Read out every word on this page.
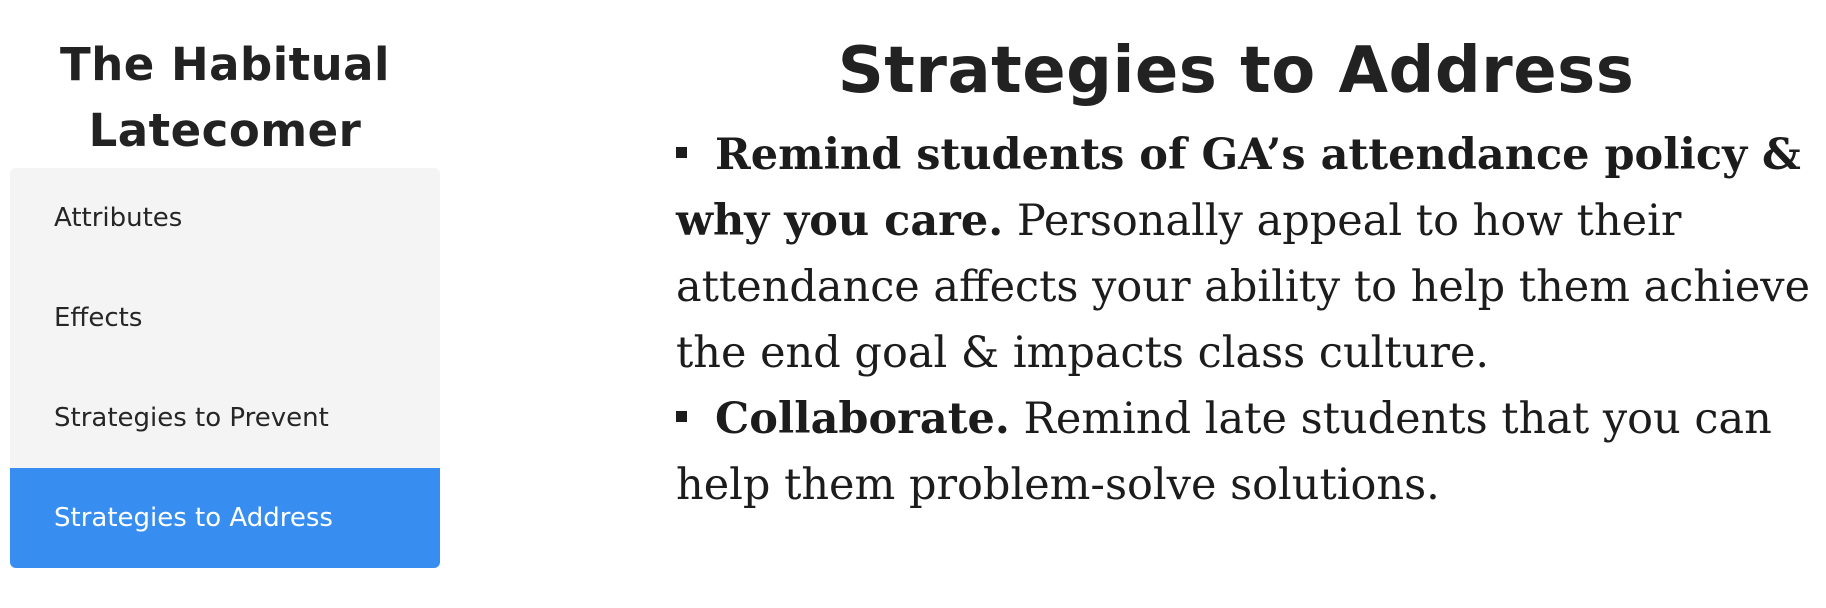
The Habitual
Latecomer
Attributes
Effects
Strategies to Prevent
Strategies to Address
Strategies to Address
Remind students of GA’s attendance policy & why you care. Personally appeal to how their attendance affects your ability to help them achieve the end goal & impacts class culture.
Collaborate. Remind late students that you can help them problem-solve solutions.
